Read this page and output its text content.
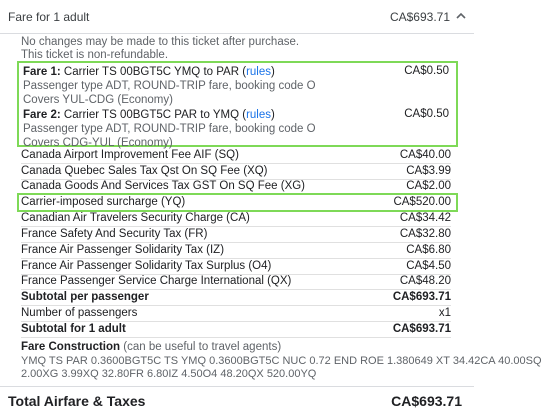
Fare for 1 adult	CA$693.71
No changes may be made to this ticket after purchase.
This ticket is non-refundable.
Fare 1: Carrier TS 00BGT5C YMQ to PAR (rules)	CA$0.50
Passenger type ADT, ROUND-TRIP fare, booking code O
Covers YUL-CDG (Economy)
Fare 2: Carrier TS 00BGT5C PAR to YMQ (rules)	CA$0.50
Passenger type ADT, ROUND-TRIP fare, booking code O
Covers CDG-YUL (Economy)
Canada Airport Improvement Fee AIF (SQ)	CA$40.00
Canada Quebec Sales Tax Qst On SQ Fee (XQ)	CA$3.99
Canada Goods And Services Tax GST On SQ Fee (XG)	CA$2.00
Carrier-imposed surcharge (YQ)	CA$520.00
Canadian Air Travelers Security Charge (CA)	CA$34.42
France Safety And Security Tax (FR)	CA$32.80
France Air Passenger Solidarity Tax (IZ)	CA$6.80
France Air Passenger Solidarity Tax Surplus (O4)	CA$4.50
France Passenger Service Charge International (QX)	CA$48.20
Subtotal per passenger	CA$693.71
Number of passengers	x1
Subtotal for 1 adult	CA$693.71
Fare Construction (can be useful to travel agents)
YMQ TS PAR 0.3600BGT5C TS YMQ 0.3600BGT5C NUC 0.72 END ROE 1.380649 XT 34.42CA 40.00SQ
2.00XG 3.99XQ 32.80FR 6.80IZ 4.50O4 48.20QX 520.00YQ
Total Airfare & Taxes	CA$693.71
